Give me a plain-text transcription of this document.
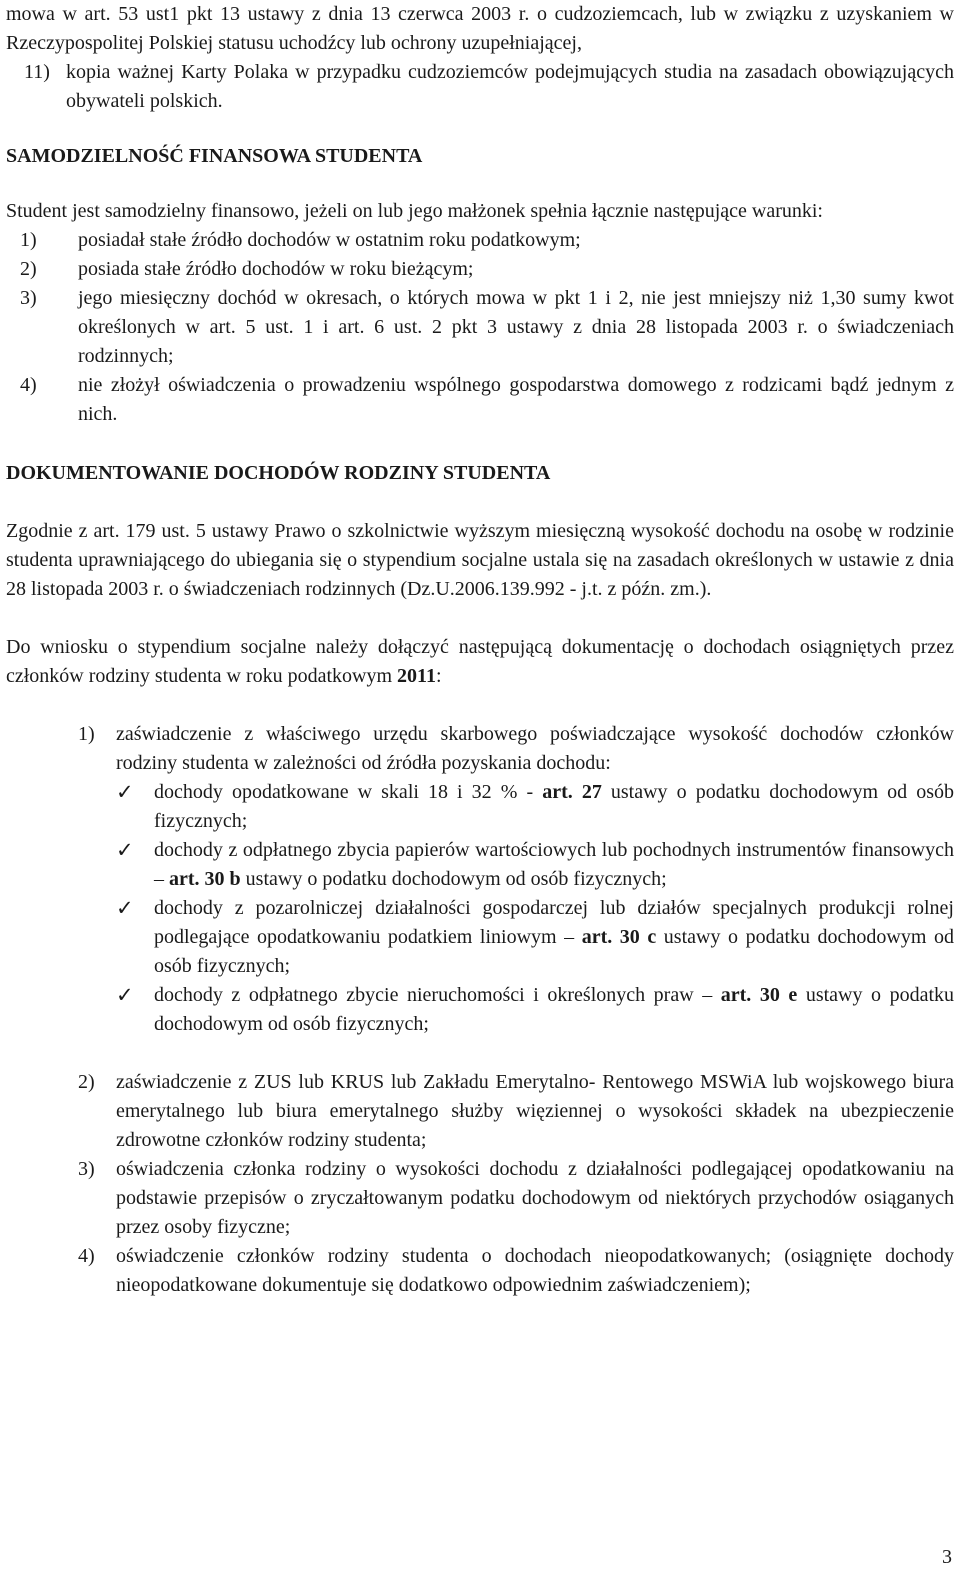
mowa w art. 53 ust1 pkt 13 ustawy z dnia 13 czerwca 2003 r. o cudzoziemcach, lub w związku z uzyskaniem w Rzeczypospolitej Polskiej statusu uchodźcy lub ochrony uzupełniającej,

11) kopia ważnej Karty Polaka w przypadku cudzoziemców podejmujących studia na zasadach obowiązujących obywateli polskich.
SAMODZIELNOŚĆ FINANSOWA STUDENTA

Student jest samodzielny finansowo, jeżeli on lub jego małżonek spełnia łącznie następujące warunki:

1)	posiadał stałe źródło dochodów w ostatnim roku podatkowym;
2)	posiada stałe źródło dochodów w roku bieżącym;
3)	jego miesięczny dochód w okresach, o których mowa w pkt 1 i 2, nie jest mniejszy niż 1,30 sumy kwot określonych w art. 5 ust. 1 i art. 6 ust. 2 pkt 3 ustawy z dnia 28 listopada 2003 r. o świadczeniach rodzinnych;
4)	nie złożył oświadczenia o prowadzeniu wspólnego gospodarstwa domowego z rodzicami bądź jednym z nich.
DOKUMENTOWANIE DOCHODÓW RODZINY STUDENTA

Zgodnie z art. 179 ust. 5 ustawy Prawo o szkolnictwie wyższym miesięczną wysokość dochodu na osobę w rodzinie studenta uprawniającego do ubiegania się o stypendium socjalne ustala się na zasadach określonych w ustawie z dnia 28 listopada 2003 r. o świadczeniach rodzinnych (Dz.U.2006.139.992 - j.t. z późn. zm.).

Do wniosku o stypendium socjalne należy dołączyć następującą dokumentację o dochodach osiągniętych przez członków rodziny studenta w roku podatkowym 2011:

1)	zaświadczenie z właściwego urzędu skarbowego poświadczające wysokość dochodów członków rodziny studenta w zależności od źródła pozyskania dochodu:
✓	dochody opodatkowane w skali 18 i 32 % - art. 27 ustawy o podatku dochodowym od osób fizycznych;
✓	dochody z odpłatnego zbycia papierów wartościowych lub pochodnych instrumentów finansowych – art. 30 b ustawy o podatku dochodowym od osób fizycznych;
✓	dochody z pozarolniczej działalności gospodarczej lub działów specjalnych produkcji rolnej podlegające opodatkowaniu podatkiem liniowym – art. 30 c ustawy o podatku dochodowym od osób fizycznych;
✓	dochody z odpłatnego zbycie nieruchomości i określonych praw – art. 30 e ustawy o podatku dochodowym od osób fizycznych;
2)	zaświadczenie z ZUS lub KRUS lub Zakładu Emerytalno- Rentowego MSWiA lub wojskowego biura emerytalnego lub biura emerytalnego służby więziennej o wysokości składek na ubezpieczenie zdrowotne członków rodziny studenta;
3)	oświadczenia członka rodziny o wysokości dochodu z działalności podlegającej opodatkowaniu na podstawie przepisów o zryczałtowanym podatku dochodowym od niektórych przychodów osiąganych przez osoby fizyczne;
4)	oświadczenie członków rodziny studenta o dochodach nieopodatkowanych; (osiągnięte dochody nieopodatkowane dokumentuje się dodatkowo odpowiednim zaświadczeniem);
3
